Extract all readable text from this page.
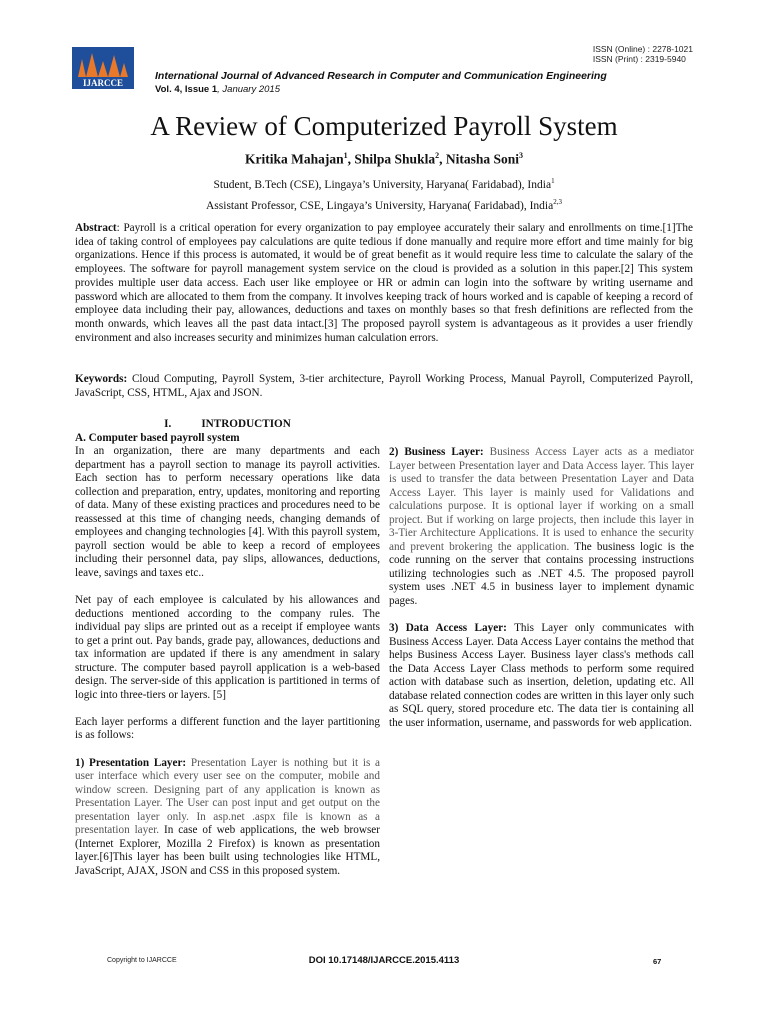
ISSN (Online) : 2278-1021
ISSN (Print) : 2319-5940
IJARCCE
International Journal of Advanced Research in Computer and Communication Engineering
Vol. 4, Issue 1, January 2015
A Review of Computerized Payroll System
Kritika Mahajan$^1$, Shilpa Shukla$^2$, Nitasha Soni$^3$
Student, B.Tech (CSE), Lingaya’s University, Haryana( Faridabad), India$^1$
Assistant Professor, CSE, Lingaya’s University, Haryana( Faridabad), India$^{2,3}$
Abstract: Payroll is a critical operation for every organization to pay employee accurately their salary and enrollments on time.[1]The idea of taking control of employees pay calculations are quite tedious if done manually and require more effort and time mainly for big organizations. Hence if this process is automated, it would be of great benefit as it would require less time to calculate the salary of the employees. The software for payroll management system service on the cloud is provided as a solution in this paper.[2] This system provides multiple user data access. Each user like employee or HR or admin can login into the software by writing username and password which are allocated to them from the company. It involves keeping track of hours worked and is capable of keeping a record of employee data including their pay, allowances, deductions and taxes on monthly bases so that fresh definitions are reflected from the month onwards, which leaves all the past data intact.[3] The proposed payroll system is advantageous as it provides a user friendly environment and also increases security and minimizes human calculation errors.
Keywords: Cloud Computing, Payroll System, 3-tier architecture, Payroll Working Process, Manual Payroll, Computerized Payroll, JavaScript, CSS, HTML, Ajax and JSON.

I.	INTRODUCTION

A. Computer based payroll system

In an organization, there are many departments and each department has a payroll section to manage its payroll activities. Each section has to perform necessary operations like data collection and preparation, entry, updates, monitoring and reporting of data. Many of these existing practices and procedures need to be reassessed at this time of changing needs, changing demands of employees and changing technologies [4]. With this payroll system, payroll section would be able to keep a record of employees including their personnel data, pay slips, allowances, deductions, leave, savings and taxes etc..

Net pay of each employee is calculated by his allowances and deductions mentioned according to the company rules. The individual pay slips are printed out as a receipt if employee wants to get a print out. Pay bands, grade pay, allowances, deductions and tax information are updated if there is any amendment in salary structure. The computer based payroll application is a web-based design. The server-side of this application is partitioned in terms of logic into three-tiers or layers. [5]

Each layer performs a different function and the layer partitioning is as follows:

1) Presentation Layer: Presentation Layer is nothing but it is a user interface which every user see on the computer, mobile and window screen. Designing part of any application is known as Presentation Layer. The User can post input and get output on the presentation layer only. In asp.net .aspx file is known as a presentation layer. In case of web applications, the web browser (Internet Explorer, Mozilla 2 Firefox) is known as presentation layer.[6]This layer has been built using technologies like HTML, JavaScript, AJAX, JSON and CSS in this proposed system.

2) Business Layer: Business Access Layer acts as a mediator Layer between Presentation layer and Data Access layer. This layer is used to transfer the data between Presentation Layer and Data Access Layer. This layer is mainly used for Validations and calculations purpose. It is optional layer if working on a small project. But if working on large projects, then include this layer in 3-Tier Architecture Applications. It is used to enhance the security and prevent brokering the application. The business logic is the code running on the server that contains processing instructions utilizing technologies such as .NET 4.5. The proposed payroll system uses .NET 4.5 in business layer to implement dynamic pages.

3) Data Access Layer: This Layer only communicates with Business Access Layer. Data Access Layer contains the method that helps Business Access Layer. Business layer class's methods call the Data Access Layer Class methods to perform some required action with database such as insertion, deletion, updating etc. All database related connection codes are written in this layer only such as SQL query, stored procedure etc. The data tier is containing all the user information, username, and passwords for web application.

Copyright to IJARCCE	DOI 10.17148/IJARCCE.2015.4113	67
